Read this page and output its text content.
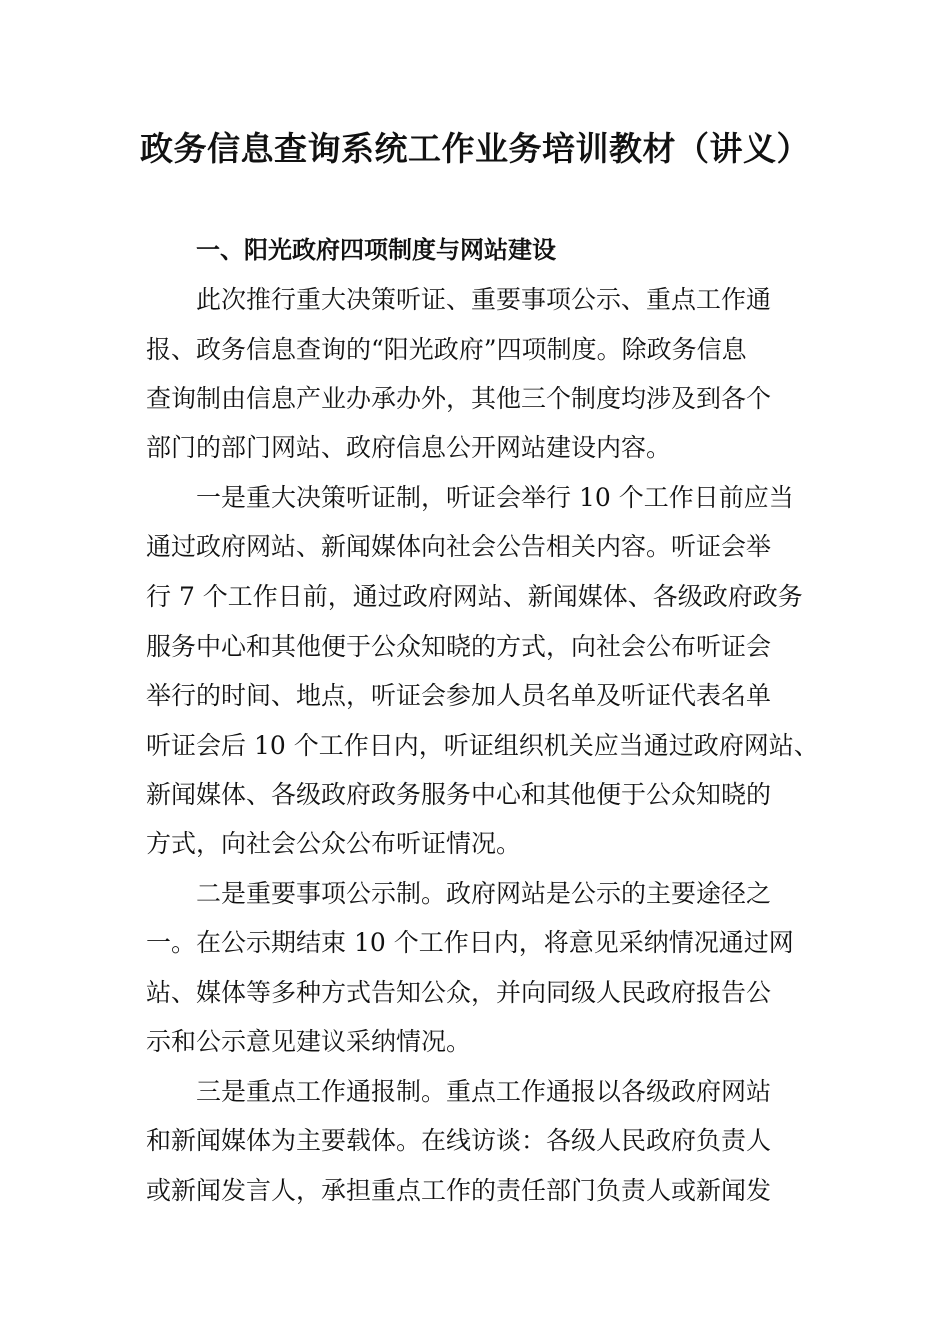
政务信息查询系统工作业务培训教材（讲义）
一、阳光政府四项制度与网站建设
此次推行重大决策听证、重要事项公示、重点工作通
报、政务信息查询的“阳光政府”四项制度。除政务信息
查询制由信息产业办承办外，其他三个制度均涉及到各个
部门的部门网站、政府信息公开网站建设内容。
一是重大决策听证制，听证会举行 10 个工作日前应当
通过政府网站、新闻媒体向社会公告相关内容。听证会举
行 7 个工作日前，通过政府网站、新闻媒体、各级政府政务
服务中心和其他便于公众知晓的方式，向社会公布听证会
举行的时间、地点，听证会参加人员名单及听证代表名单
听证会后 10 个工作日内，听证组织机关应当通过政府网站、
新闻媒体、各级政府政务服务中心和其他便于公众知晓的
方式，向社会公众公布听证情况。
二是重要事项公示制。政府网站是公示的主要途径之
一。在公示期结束 10 个工作日内，将意见采纳情况通过网
站、媒体等多种方式告知公众，并向同级人民政府报告公
示和公示意见建议采纳情况。
三是重点工作通报制。重点工作通报以各级政府网站
和新闻媒体为主要载体。在线访谈：各级人民政府负责人
或新闻发言人，承担重点工作的责任部门负责人或新闻发
